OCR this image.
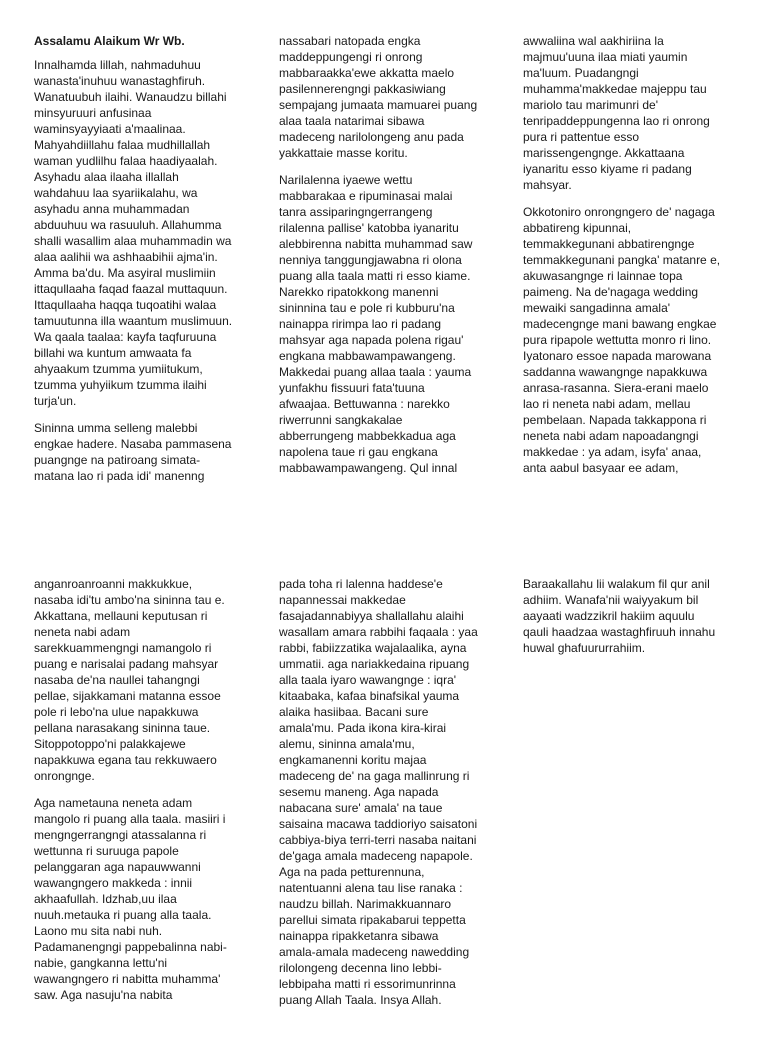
Assalamu Alaikum Wr Wb.

Innalhamda lillah, nahmaduhuu
wanasta'inuhuu wanastaghfiruh.
Wanatuubuh ilaihi. Wanaudzu billahi
minsyuruuri anfusinaa
waminsyayyiaati a'maalinaa.
Mahyahdiillahu falaa mudhillallah
waman yudlilhu falaa haadiyaalah.
Asyhadu alaa ilaaha illallah
wahdahuu laa syariikalahu, wa
asyhadu anna muhammadan
abduuhuu wa rasuuluh. Allahumma
shalli wasallim alaa muhammadin wa
alaa aalihii wa ashhaabihii ajma'in.
Amma ba'du. Ma asyiral muslimiin
ittaqullaaha faqad faazal muttaquun.
Ittaqullaaha haqqa tuqoatihi walaa
tamuutunna illa waantum muslimuun.
Wa qaala taalaa: kayfa taqfuruuna
billahi wa kuntum amwaata fa
ahyaakum tzumma yumiitukum,
tzumma yuhyiikum tzumma ilaihi
turja'un.

Sininna umma selleng malebbi
engkae hadere. Nasaba pammasena
puangnge na patiroang simata-
matana lao ri pada idi' manenng

nassabari natopada engka
maddeppungengi ri onrong
mabbaraakka'ewe akkatta maelo
pasilennerengngi pakkasiwiang
sempajang jumaata mamuarei puang
alaa taala natarimai sibawa
madeceng narilolongeng anu pada
yakkattaie masse koritu.

Narilalenna iyaewe wettu
mabbarakaa e ripuminasai malai
tanra assiparingngerrangeng
rilalenna pallise' katobba iyanaritu
alebbirenna nabitta muhammad saw
nenniya tanggungjawabna ri olona
puang alla taala matti ri esso kiame.
Narekko ripatokkong manenni
sininnina tau e pole ri kubburu'na
nainappa ririmpa lao ri padang
mahsyar aga napada polena rigau'
engkana mabbawampawangeng.
Makkedai puang allaa taala : yauma
yunfakhu fissuuri fata'tuuna
afwaajaa. Bettuwanna : narekko
riwerrunni sangkakalae
abberrungeng mabbekkadua aga
napolena taue ri gau engkana
mabbawampawangeng. Qul innal

awwaliina wal aakhiriina la
majmuu'uuna ilaa miati yaumin
ma'luum. Puadangngi
muhamma'makkedae majeppu tau
mariolo tau marimunri de'
tenripaddeppungenna lao ri onrong
pura ri pattentue esso
marissengengnge. Akkattaana
iyanaritu esso kiyame ri padang
mahsyar.

Okkotoniro onrongngero de' nagaga
abbatireng kipunnai,
temmakkegunani abbatirengnge
temmakkegunani pangka' matanre e,
akuwasangnge ri lainnae topa
paimeng. Na de'nagaga wedding
mewaiki sangadinna amala'
madecengnge mani bawang engkae
pura ripapole wettutta monro ri lino.
Iyatonaro essoe napada marowana
saddanna wawangnge napakkuwa
anrasa-rasanna. Siera-erani maelo
lao ri neneta nabi adam, mellau
pembelaan. Napada takkappona ri
neneta nabi adam napoadangngi
makkedae : ya adam, isyfa' anaa,
anta aabul basyaar ee adam,

anganroanroanni makkukkue,
nasaba idi'tu ambo'na sininna tau e.
Akkattana, mellauni keputusan ri
neneta nabi adam
sarekkuammengngi namangolo ri
puang e narisalai padang mahsyar
nasaba de'na naullei tahangngi
pellae, sijakkamani matanna essoe
pole ri lebo'na ulue napakkuwa
pellana narasakang sininna taue.
Sitoppotoppo'ni palakkajewe
napakkuwa egana tau rekkuwaero
onrongnge.

Aga nametauna neneta adam
mangolo ri puang alla taala. masiiri i
mengngerrangngi atassalanna ri
wettunna ri suruuga papole
pelanggaran aga napauwwanni
wawangngero makkeda : innii
akhaafullah. Idzhab,uu ilaa
nuuh.metauka ri puang alla taala.
Laono mu sita nabi nuh.
Padamanengngi pappebalinna nabi-
nabie, gangkanna lettu'ni
wawangngero ri nabitta muhamma'
saw. Aga nasuju'na nabita

pada toha ri lalenna haddese'e
napannessai makkedae
fasajadannabiyya shallallahu alaihi
wasallam amara rabbihi faqaala : yaa
rabbi, fabiizzatika wajalaalika, ayna
ummatii. aga nariakkedaina ripuang
alla taala iyaro wawangnge : iqra'
kitaabaka, kafaa binafsikal yauma
alaika hasiibaa. Bacani sure
amala'mu. Pada ikona kira-kirai
alemu, sininna amala'mu,
engkamanenni koritu majaa
madeceng de' na gaga mallinrung ri
sesemu maneng. Aga napada
nabacana sure' amala' na taue
saisaina macawa taddioriyo saisatoni
cabbiya-biya terri-terri nasaba naitani
de'gaga amala madeceng napapole.
Aga na pada petturennuna,
natentuanni alena tau lise ranaka :
naudzu billah. Narimakkuannaro
parellui simata ripakabarui teppetta
nainappa ripakketanra sibawa
amala-amala madeceng nawedding
rilolongeng decenna lino lebbi-
lebbipaha matti ri essorimunrinna
puang Allah Taala. Insya Allah.

Baraakallahu lii walakum fil qur anil
adhiim. Wanafa'nii waiyyakum bil
aayaati wadzzikril hakiim aquulu
qauli haadzaa wastaghfiruuh innahu
huwal ghafuururrahiim.
